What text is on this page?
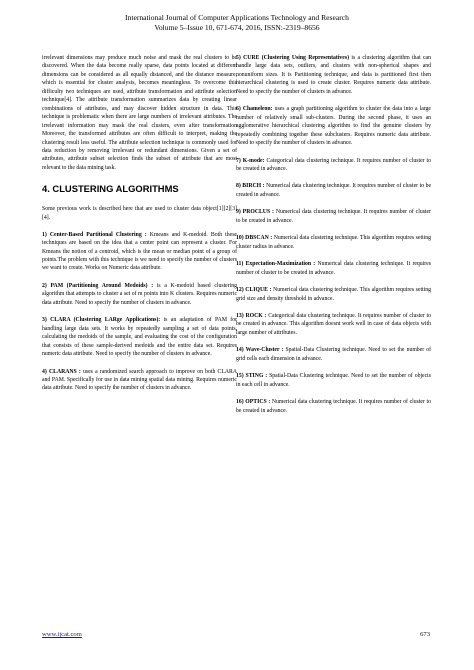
International Journal of Computer Applications Technology and Research
Volume 5–Issue 10, 671-674, 2016, ISSN:-2319–8656

irrelevant dimensions may produce much noise and mask the real clusters to be discovered. When the data become really sparse, data points located at different dimensions can be considered as all equally distanced, and the distance measure, which is essential for cluster analysis, becomes meaningless. To overcome this difficulty two techniques are used, attribute transformation and attribute selection technique[4]. The attribute transformation summarizes data by creating linear combinations of attributes, and may discover hidden structure in data. This technique is problematic when there are large numbers of irrelevant attributes. The irrelevant information may mask the real clusters, even after transformation Moreover, the transformed attributes are often difficult to interpret, making the clustering result less useful. The attribute selection technique is commonly used for data reduction by removing irrelevant or redundant dimensions. Given a set of attributes, attribute subset selection finds the subset of attribute that are most relevant to the data mining task.

4. CLUSTERING ALGORITHMS

Some previous work is described here that are used to cluster data object[1][2][3][4].

1) Center-Based Partitional Clustering : Kmeans and K-medoid. Both these techniques are based on the idea that a center point can represent a cluster. For Kmeans the notion of a centroid, which is the mean or median point of a group of points.The problem with this technique is we need to specify the number of clusters we want to create. Works on Numeric data attribute.

2) PAM (Partitioning Around Medoids) : is a K-medoid based clustering algorithm that attempts to cluster a set of m points into K clusters. Requires numeric data attribute. Need to specify the number of clusters in advance.

3) CLARA (Clustering LARge Applications): is an adaptation of PAM for handling large data sets. It works by repeatedly sampling a set of data points, calculating the medoids of the sample, and evaluating the cost of the configuration that consists of these sample-derived medoids and the entire data set. Requires numeric data attribute. Need to specify the number of clusters in advance.

4) CLARANS : uses a randomized search approach to improve on both CLARA and PAM. Specifically for use in data mining spatial data mining. Requires numeric data attribute. Need to specify the number of clusters in advance.

5) CURE (Clustering Using Representatives) is a clustering algorithm that can handle large data sets, outliers, and clusters with non-spherical shapes and nonuniform sizes. It is Partitioning technique, and data is partitioned first then hierarchical clustering is used to create cluster. Requires numeric data attribute. Need to specify the number of clusters in advance.

6) Chameleon: uses a graph partitioning algorithm to cluster the data into a large number of relatively small sub-clusters. During the second phase, it uses an agglomerative hierarchical clustering algorithm to find the genuine clusters by repeatedly combining together these subclusters. Requires numeric data attribute. Need to specify the number of clusters in advance.

7) K-mode: Categorical data clustering technique. It requires number of cluster to be created in advance.

8) BIRCH : Numerical data clustering technique. It requires number of cluster to be created in advance.

9) PROCLUS : Numerical data clustering technique. It requires number of cluster to be created in advance.

10) DBSCAN : Numerical data clustering technique. This algorithm requires setting cluster radius in advance.

11) Expectation-Maximization : Numerical data clustering technique. It requires number of cluster to be created in advance.

12) CLIQUE : Numerical data clustering technique. This algorithm requires setting grid size and density threshold in advance.

13) ROCK : Categorical data clustering technique. It requires number of cluster to be created in advance. This algorithm doesnt work well in case of data objects with large number of attributes.

14) Wave-Cluster : Spatial-Data Clustering technique. Need to set the number of grid cells each dimension in advance.

15) STING : Spatial-Data Clustering technique. Need to set the number of objects in each cell in advance.

16) OPTICS : Numerical data clustering technique. It requires number of cluster to be created in advance.

www.ijcat.com	673
